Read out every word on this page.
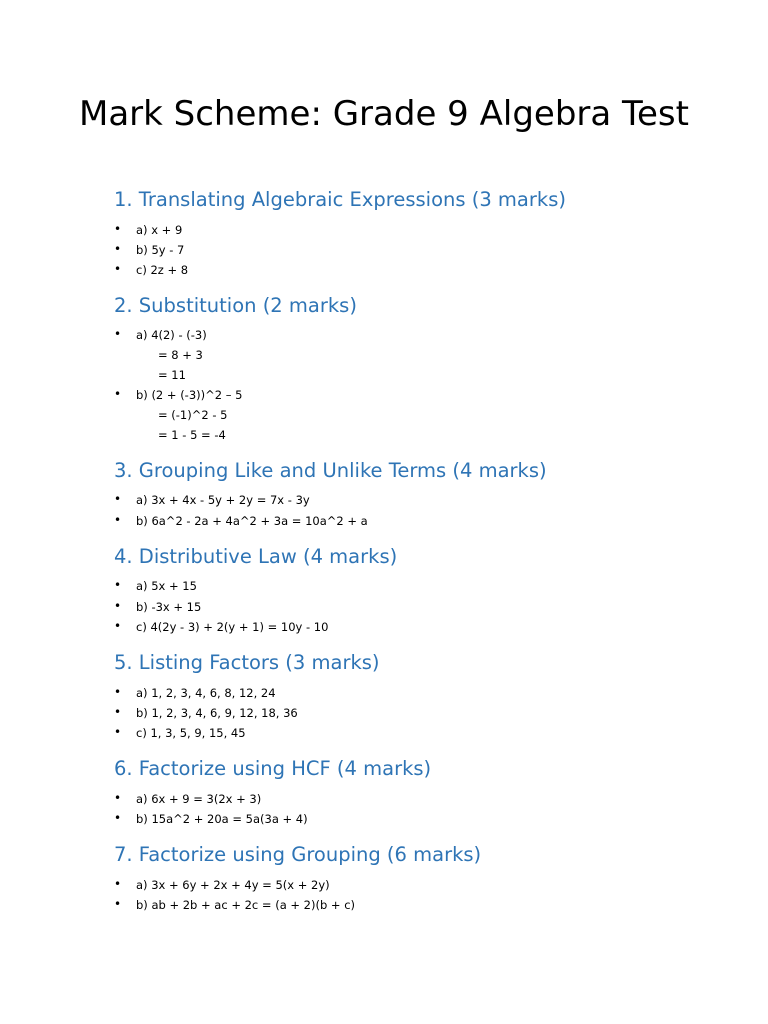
Mark Scheme: Grade 9 Algebra Test
1. Translating Algebraic Expressions (3 marks)
• a) x + 9
• b) 5y - 7
• c) 2z + 8
2. Substitution (2 marks)
• a) 4(2) - (-3)
= 8 + 3
= 11
• b) (2 + (-3))^2 – 5
= (-1)^2 - 5
= 1 - 5 = -4
3. Grouping Like and Unlike Terms (4 marks)
• a) 3x + 4x - 5y + 2y = 7x - 3y
• b) 6a^2 - 2a + 4a^2 + 3a = 10a^2 + a
4. Distributive Law (4 marks)
• a) 5x + 15
• b) -3x + 15
• c) 4(2y - 3) + 2(y + 1) = 10y - 10
5. Listing Factors (3 marks)
• a) 1, 2, 3, 4, 6, 8, 12, 24
• b) 1, 2, 3, 4, 6, 9, 12, 18, 36
• c) 1, 3, 5, 9, 15, 45
6. Factorize using HCF (4 marks)
• a) 6x + 9 = 3(2x + 3)
• b) 15a^2 + 20a = 5a(3a + 4)
7. Factorize using Grouping (6 marks)
• a) 3x + 6y + 2x + 4y = 5(x + 2y)
• b) ab + 2b + ac + 2c = (a + 2)(b + c)
